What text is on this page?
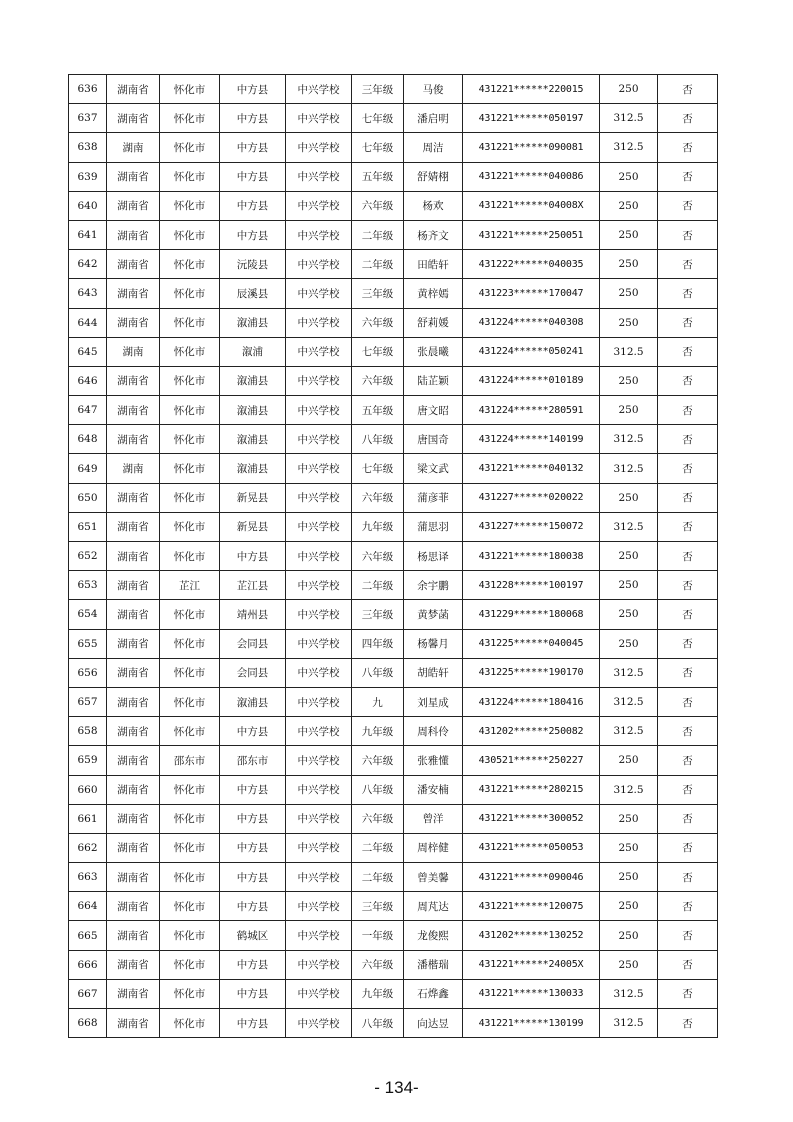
636	湖南省	怀化市	中方县	中兴学校	三年级	马俊	431221******220015	250	否
637	湖南省	怀化市	中方县	中兴学校	七年级	潘启明	431221******050197	312.5	否
638	湖南	怀化市	中方县	中兴学校	七年级	周洁	431221******090081	312.5	否
639	湖南省	怀化市	中方县	中兴学校	五年级	舒婧栩	431221******040086	250	否
640	湖南省	怀化市	中方县	中兴学校	六年级	杨欢	431221******04008X	250	否
641	湖南省	怀化市	中方县	中兴学校	二年级	杨齐文	431221******250051	250	否
642	湖南省	怀化市	沅陵县	中兴学校	二年级	田皓轩	431222******040035	250	否
643	湖南省	怀化市	辰溪县	中兴学校	三年级	黄梓嫣	431223******170047	250	否
644	湖南省	怀化市	溆浦县	中兴学校	六年级	舒莉媛	431224******040308	250	否
645	湖南	怀化市	溆浦	中兴学校	七年级	张晨曦	431224******050241	312.5	否
646	湖南省	怀化市	溆浦县	中兴学校	六年级	陆芷颖	431224******010189	250	否
647	湖南省	怀化市	溆浦县	中兴学校	五年级	唐文昭	431224******280591	250	否
648	湖南省	怀化市	溆浦县	中兴学校	八年级	唐国奇	431224******140199	312.5	否
649	湖南	怀化市	溆浦县	中兴学校	七年级	梁文武	431221******040132	312.5	否
650	湖南省	怀化市	新晃县	中兴学校	六年级	蒲彦菲	431227******020022	250	否
651	湖南省	怀化市	新晃县	中兴学校	九年级	蒲思羽	431227******150072	312.5	否
652	湖南省	怀化市	中方县	中兴学校	六年级	杨思译	431221******180038	250	否
653	湖南省	芷江	芷江县	中兴学校	二年级	余宇鹏	431228******100197	250	否
654	湖南省	怀化市	靖州县	中兴学校	三年级	黄梦菡	431229******180068	250	否
655	湖南省	怀化市	会同县	中兴学校	四年级	杨馨月	431225******040045	250	否
656	湖南省	怀化市	会同县	中兴学校	八年级	胡皓轩	431225******190170	312.5	否
657	湖南省	怀化市	溆浦县	中兴学校	九	刘星成	431224******180416	312.5	否
658	湖南省	怀化市	中方县	中兴学校	九年级	周科伶	431202******250082	312.5	否
659	湖南省	邵东市	邵东市	中兴学校	六年级	张雅懂	430521******250227	250	否
660	湖南省	怀化市	中方县	中兴学校	八年级	潘安楠	431221******280215	312.5	否
661	湖南省	怀化市	中方县	中兴学校	六年级	曾洋	431221******300052	250	否
662	湖南省	怀化市	中方县	中兴学校	二年级	周梓健	431221******050053	250	否
663	湖南省	怀化市	中方县	中兴学校	二年级	曾美馨	431221******090046	250	否
664	湖南省	怀化市	中方县	中兴学校	三年级	周芃达	431221******120075	250	否
665	湖南省	怀化市	鹤城区	中兴学校	一年级	龙俊熙	431202******130252	250	否
666	湖南省	怀化市	中方县	中兴学校	六年级	潘楷瑞	431221******24005X	250	否
667	湖南省	怀化市	中方县	中兴学校	九年级	石烨鑫	431221******130033	312.5	否
668	湖南省	怀化市	中方县	中兴学校	八年级	向达昱	431221******130199	312.5	否
- 134-
